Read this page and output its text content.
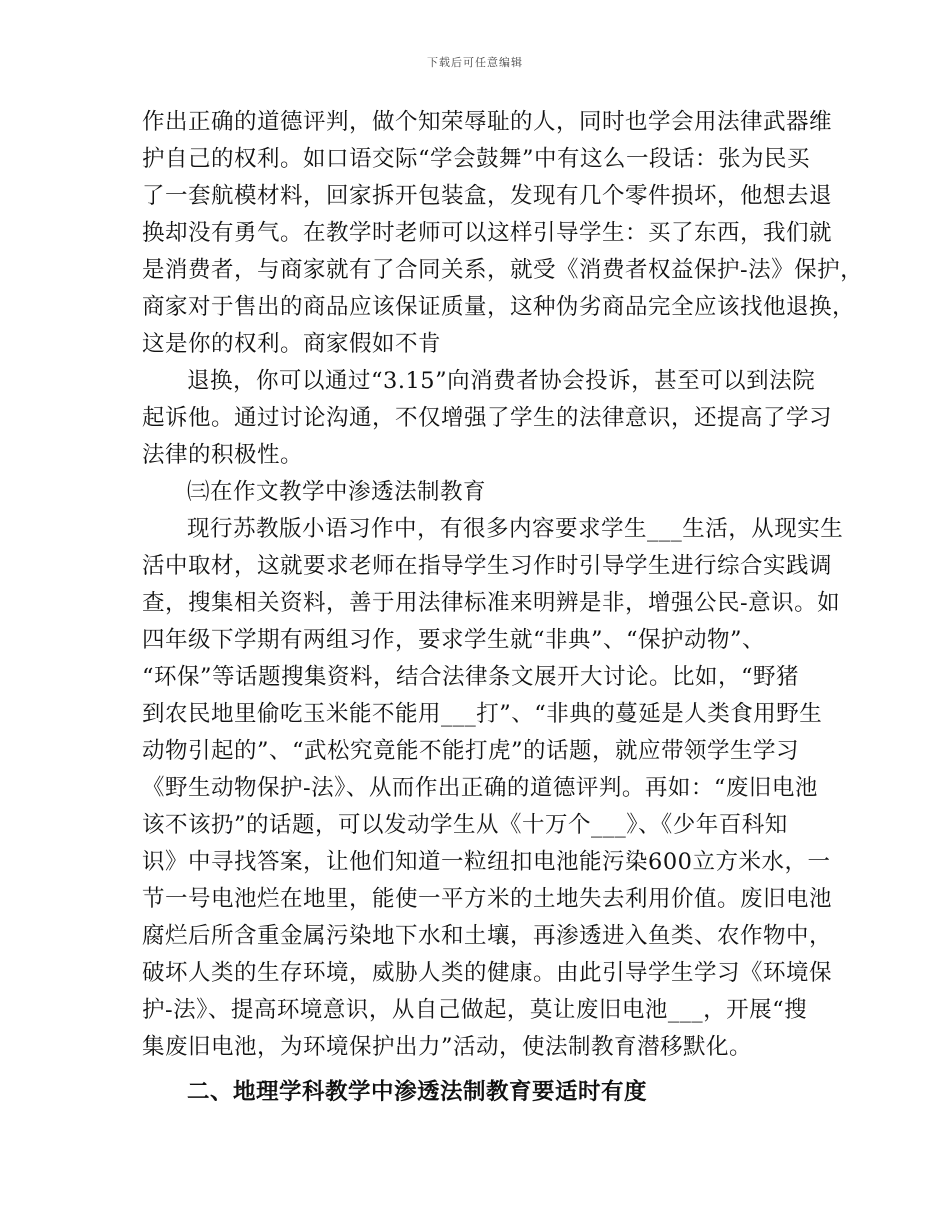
下载后可任意编辑
作出正确的道德评判，做个知荣辱耻的人，同时也学会用法律武器维
护自己的权利。如口语交际“学会鼓舞”中有这么一段话：张为民买
了一套航模材料，回家拆开包装盒，发现有几个零件损坏，他想去退
换却没有勇气。在教学时老师可以这样引导学生：买了东西，我们就
是消费者，与商家就有了合同关系，就受《消费者权益保护-法》保护，
商家对于售出的商品应该保证质量，这种伪劣商品完全应该找他退换，
这是你的权利。商家假如不肯
退换，你可以通过“3.15”向消费者协会投诉，甚至可以到法院
起诉他。通过讨论沟通，不仅增强了学生的法律意识，还提高了学习
法律的积极性。
㈢在作文教学中渗透法制教育
现行苏教版小语习作中，有很多内容要求学生___生活，从现实生
活中取材，这就要求老师在指导学生习作时引导学生进行综合实践调
查，搜集相关资料，善于用法律标准来明辨是非，增强公民-意识。如
四年级下学期有两组习作，要求学生就“非典”、“保护动物”、
“环保”等话题搜集资料，结合法律条文展开大讨论。比如，“野猪
到农民地里偷吃玉米能不能用___打”、“非典的蔓延是人类食用野生
动物引起的”、“武松究竟能不能打虎”的话题，就应带领学生学习
《野生动物保护-法》、从而作出正确的道德评判。再如：“废旧电池
该不该扔”的话题，可以发动学生从《十万个___》、《少年百科知
识》中寻找答案，让他们知道一粒纽扣电池能污染600立方米水，一
节一号电池烂在地里，能使一平方米的土地失去利用价值。废旧电池
腐烂后所含重金属污染地下水和土壤，再渗透进入鱼类、农作物中，
破坏人类的生存环境，威胁人类的健康。由此引导学生学习《环境保
护-法》、提高环境意识，从自己做起，莫让废旧电池___，开展“搜
集废旧电池，为环境保护出力”活动，使法制教育潜移默化。
二、地理学科教学中渗透法制教育要适时有度
